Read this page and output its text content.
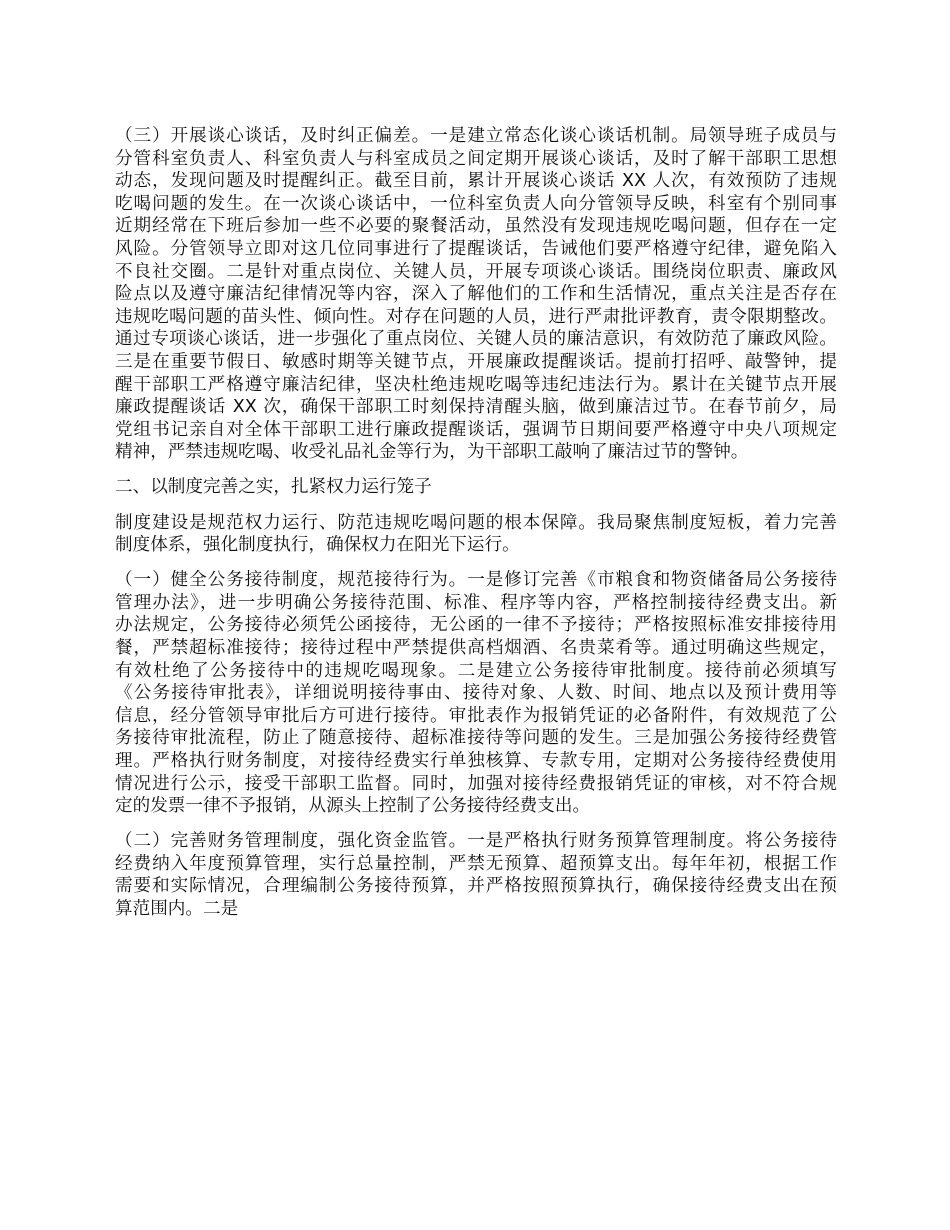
（三）开展谈心谈话，及时纠正偏差。一是建立常态化谈心谈话机制。局领导班子成员与
分管科室负责人、科室负责人与科室成员之间定期开展谈心谈话，及时了解干部职工思想
动态，发现问题及时提醒纠正。截至目前，累计开展谈心谈话 XX 人次，有效预防了违规
吃喝问题的发生。在一次谈心谈话中，一位科室负责人向分管领导反映，科室有个别同事
近期经常在下班后参加一些不必要的聚餐活动，虽然没有发现违规吃喝问题，但存在一定
风险。分管领导立即对这几位同事进行了提醒谈话，告诫他们要严格遵守纪律，避免陷入
不良社交圈。二是针对重点岗位、关键人员，开展专项谈心谈话。围绕岗位职责、廉政风
险点以及遵守廉洁纪律情况等内容，深入了解他们的工作和生活情况，重点关注是否存在
违规吃喝问题的苗头性、倾向性。对存在问题的人员，进行严肃批评教育，责令限期整改。
通过专项谈心谈话，进一步强化了重点岗位、关键人员的廉洁意识，有效防范了廉政风险。
三是在重要节假日、敏感时期等关键节点，开展廉政提醒谈话。提前打招呼、敲警钟，提
醒干部职工严格遵守廉洁纪律，坚决杜绝违规吃喝等违纪违法行为。累计在关键节点开展
廉政提醒谈话 XX 次，确保干部职工时刻保持清醒头脑，做到廉洁过节。在春节前夕，局
党组书记亲自对全体干部职工进行廉政提醒谈话，强调节日期间要严格遵守中央八项规定
精神，严禁违规吃喝、收受礼品礼金等行为，为干部职工敲响了廉洁过节的警钟。
二、以制度完善之实，扎紧权力运行笼子
制度建设是规范权力运行、防范违规吃喝问题的根本保障。我局聚焦制度短板，着力完善
制度体系，强化制度执行，确保权力在阳光下运行。
（一）健全公务接待制度，规范接待行为。一是修订完善《市粮食和物资储备局公务接待
管理办法》，进一步明确公务接待范围、标准、程序等内容，严格控制接待经费支出。新
办法规定，公务接待必须凭公函接待，无公函的一律不予接待；严格按照标准安排接待用
餐，严禁超标准接待；接待过程中严禁提供高档烟酒、名贵菜肴等。通过明确这些规定，
有效杜绝了公务接待中的违规吃喝现象。二是建立公务接待审批制度。接待前必须填写
《公务接待审批表》，详细说明接待事由、接待对象、人数、时间、地点以及预计费用等
信息，经分管领导审批后方可进行接待。审批表作为报销凭证的必备附件，有效规范了公
务接待审批流程，防止了随意接待、超标准接待等问题的发生。三是加强公务接待经费管
理。严格执行财务制度，对接待经费实行单独核算、专款专用，定期对公务接待经费使用
情况进行公示，接受干部职工监督。同时，加强对接待经费报销凭证的审核，对不符合规
定的发票一律不予报销，从源头上控制了公务接待经费支出。
（二）完善财务管理制度，强化资金监管。一是严格执行财务预算管理制度。将公务接待
经费纳入年度预算管理，实行总量控制，严禁无预算、超预算支出。每年年初，根据工作
需要和实际情况，合理编制公务接待预算，并严格按照预算执行，确保接待经费支出在预
算范围内。二是
